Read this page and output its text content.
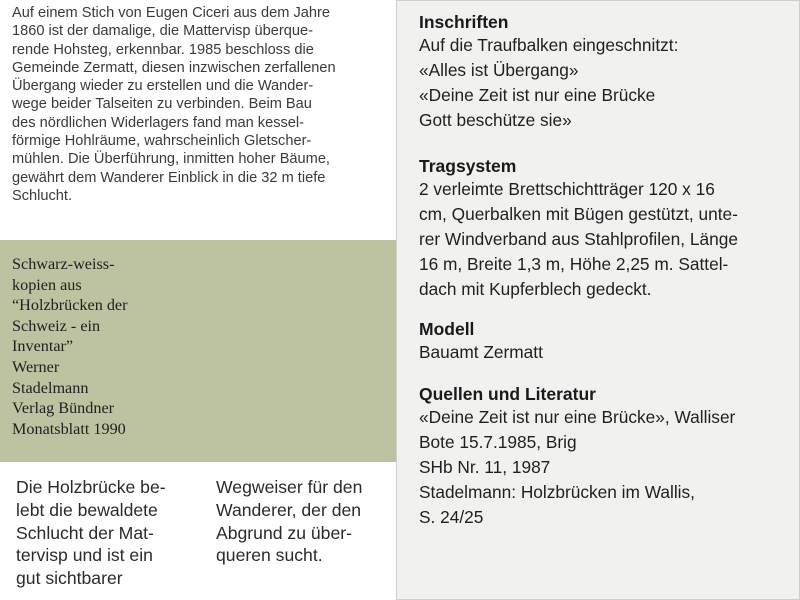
Auf einem Stich von Eugen Ciceri aus dem Jahre
1860 ist der damalige, die Mattervisp überque-
rende Hohsteg, erkennbar. 1985 beschloss die
Gemeinde Zermatt, diesen inzwischen zerfallenen
Übergang wieder zu erstellen und die Wander-
wege beider Talseiten zu verbinden. Beim Bau
des nördlichen Widerlagers fand man kessel-
förmige Hohlräume, wahrscheinlich Gletscher-
mühlen. Die Überführung, inmitten hoher Bäume,
gewährt dem Wanderer Einblick in die 32 m tiefe
Schlucht.

Schwarz-weiss-
kopien aus
“Holzbrücken der
Schweiz - ein
Inventar”
Werner
Stadelmann
Verlag Bündner
Monatsblatt 1990

Die Holzbrücke be-
lebt die bewaldete
Schlucht der Mat-
tervisp und ist ein
gut sichtbarer

Wegweiser für den
Wanderer, der den
Abgrund zu über-
queren sucht.

Inschriften

Auf die Traufbalken eingeschnitzt:
«Alles ist Übergang»
«Deine Zeit ist nur eine Brücke
Gott beschütze sie»

Tragsystem

2 verleimte Brettschichtträger 120 x 16
cm, Querbalken mit Bügen gestützt, unte-
rer Windverband aus Stahlprofilen, Länge
16 m, Breite 1,3 m, Höhe 2,25 m. Sattel-
dach mit Kupferblech gedeckt.

Modell

Bauamt Zermatt

Quellen und Literatur

«Deine Zeit ist nur eine Brücke», Walliser
Bote 15.7.1985, Brig
SHb Nr. 11, 1987
Stadelmann: Holzbrücken im Wallis,
S. 24/25
